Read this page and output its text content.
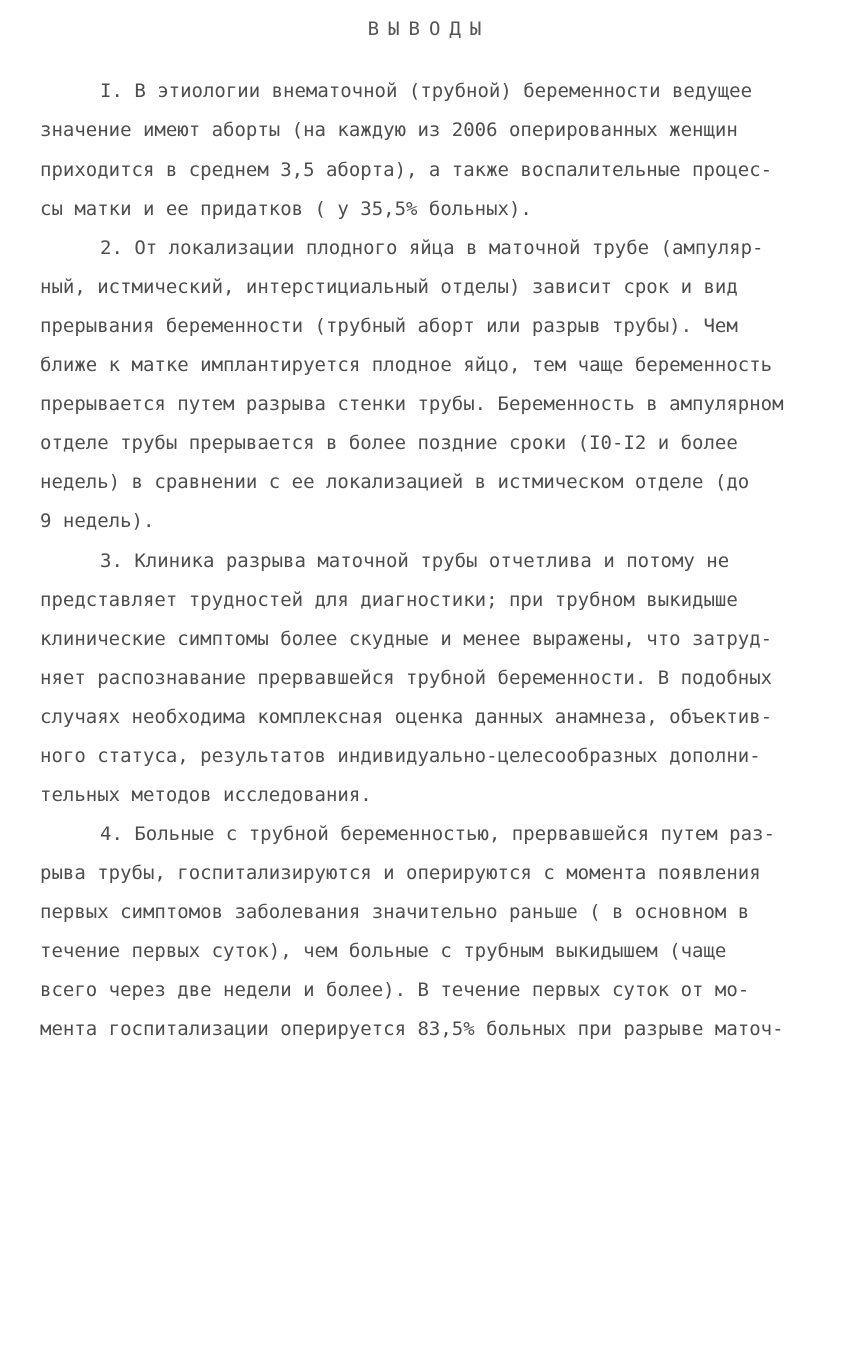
ВЫВОДЫ
I. В этиологии внематочной (трубной) беременности ведущее
значение имеют аборты (на каждую из 2006 оперированных женщин
приходится в среднем 3,5 аборта), а также воспалительные процес-
сы матки и ее придатков ( у 35,5% больных).
2. От локализации плодного яйца в маточной трубе (ампуляр-
ный, истмический, интерстициальный отделы) зависит срок и вид
прерывания беременности (трубный аборт или разрыв трубы). Чем
ближе к матке имплантируется плодное яйцо, тем чаще беременность
прерывается путем разрыва стенки трубы. Беременность в ампулярном
отделе трубы прерывается в более поздние сроки (I0-I2 и более
недель) в сравнении с ее локализацией в истмическом отделе (до
9 недель).
3. Клиника разрыва маточной трубы отчетлива и потому не
представляет трудностей для диагностики; при трубном выкидыше
клинические симптомы более скудные и менее выражены, что затруд-
няет распознавание прервавшейся трубной беременности. В подобных
случаях необходима комплексная оценка данных анамнеза, объектив-
ного статуса, результатов индивидуально-целесообразных дополни-
тельных методов исследования.
4. Больные с трубной беременностью, прервавшейся путем раз-
рыва трубы, госпитализируются и оперируются с момента появления
первых симптомов заболевания значительно раньше ( в основном в
течение первых суток), чем больные с трубным выкидышем (чаще
всего через две недели и более). В течение первых суток от мо-
мента госпитализации оперируется 83,5% больных при разрыве маточ-
